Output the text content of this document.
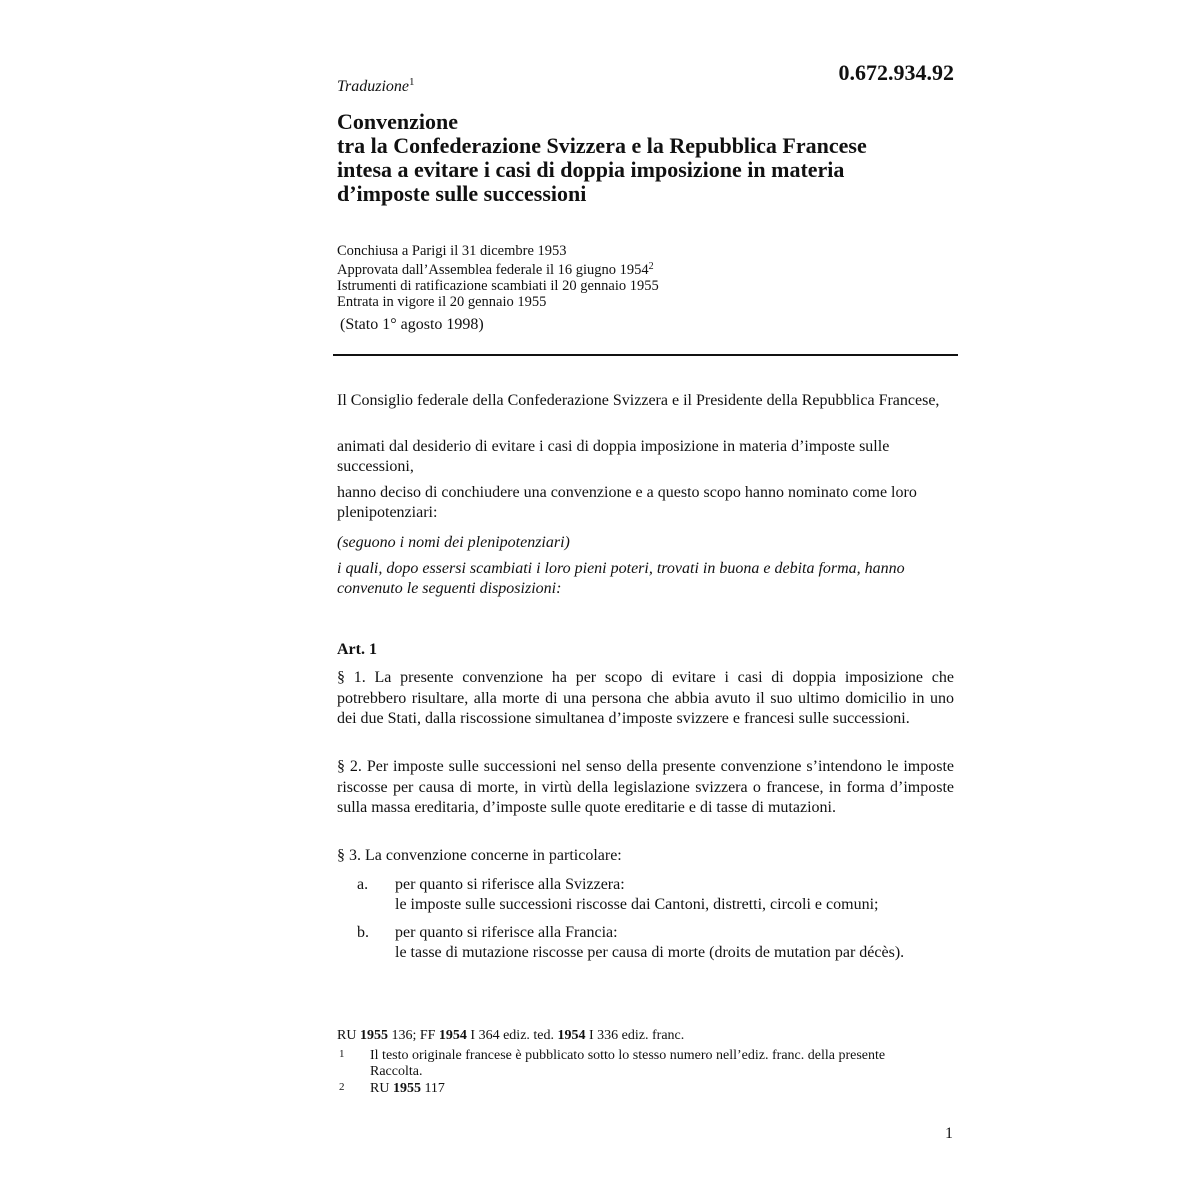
Traduzione$^1$	0.672.934.92
Convenzione
tra la Confederazione Svizzera e la Repubblica Francese
intesa a evitare i casi di doppia imposizione in materia
d’imposte sulle successioni
Conchiusa a Parigi il 31 dicembre 1953
Approvata dall’Assemblea federale il 16 giugno 1954$^2$
Istrumenti di ratificazione scambiati il 20 gennaio 1955
Entrata in vigore il 20 gennaio 1955
(Stato 1° agosto 1998)
Il Consiglio federale della Confederazione Svizzera e il Presidente della Repubblica Francese,
animati dal desiderio di evitare i casi di doppia imposizione in materia d’imposte sulle successioni,
hanno deciso di conchiudere una convenzione e a questo scopo hanno nominato come loro plenipotenziari:
(seguono i nomi dei plenipotenziari)
i quali, dopo essersi scambiati i loro pieni poteri, trovati in buona e debita forma, hanno convenuto le seguenti disposizioni:
Art. 1
§ 1. La presente convenzione ha per scopo di evitare i casi di doppia imposizione che potrebbero risultare, alla morte di una persona che abbia avuto il suo ultimo domicilio in uno dei due Stati, dalla riscossione simultanea d’imposte svizzere e francesi sulle successioni.
§ 2. Per imposte sulle successioni nel senso della presente convenzione s’intendono le imposte riscosse per causa di morte, in virtù della legislazione svizzera o francese, in forma d’imposte sulla massa ereditaria, d’imposte sulle quote ereditarie e di tasse di mutazioni.
§ 3. La convenzione concerne in particolare:
a. per quanto si riferisce alla Svizzera:
le imposte sulle successioni riscosse dai Cantoni, distretti, circoli e comuni;
b. per quanto si riferisce alla Francia:
le tasse di mutazione riscosse per causa di morte (droits de mutation par décès).
RU 1955 136; FF 1954 I 364 ediz. ted. 1954 I 336 ediz. franc.
1 Il testo originale francese è pubblicato sotto lo stesso numero nell’ediz. franc. della presente Raccolta.
2 RU 1955 117
1
